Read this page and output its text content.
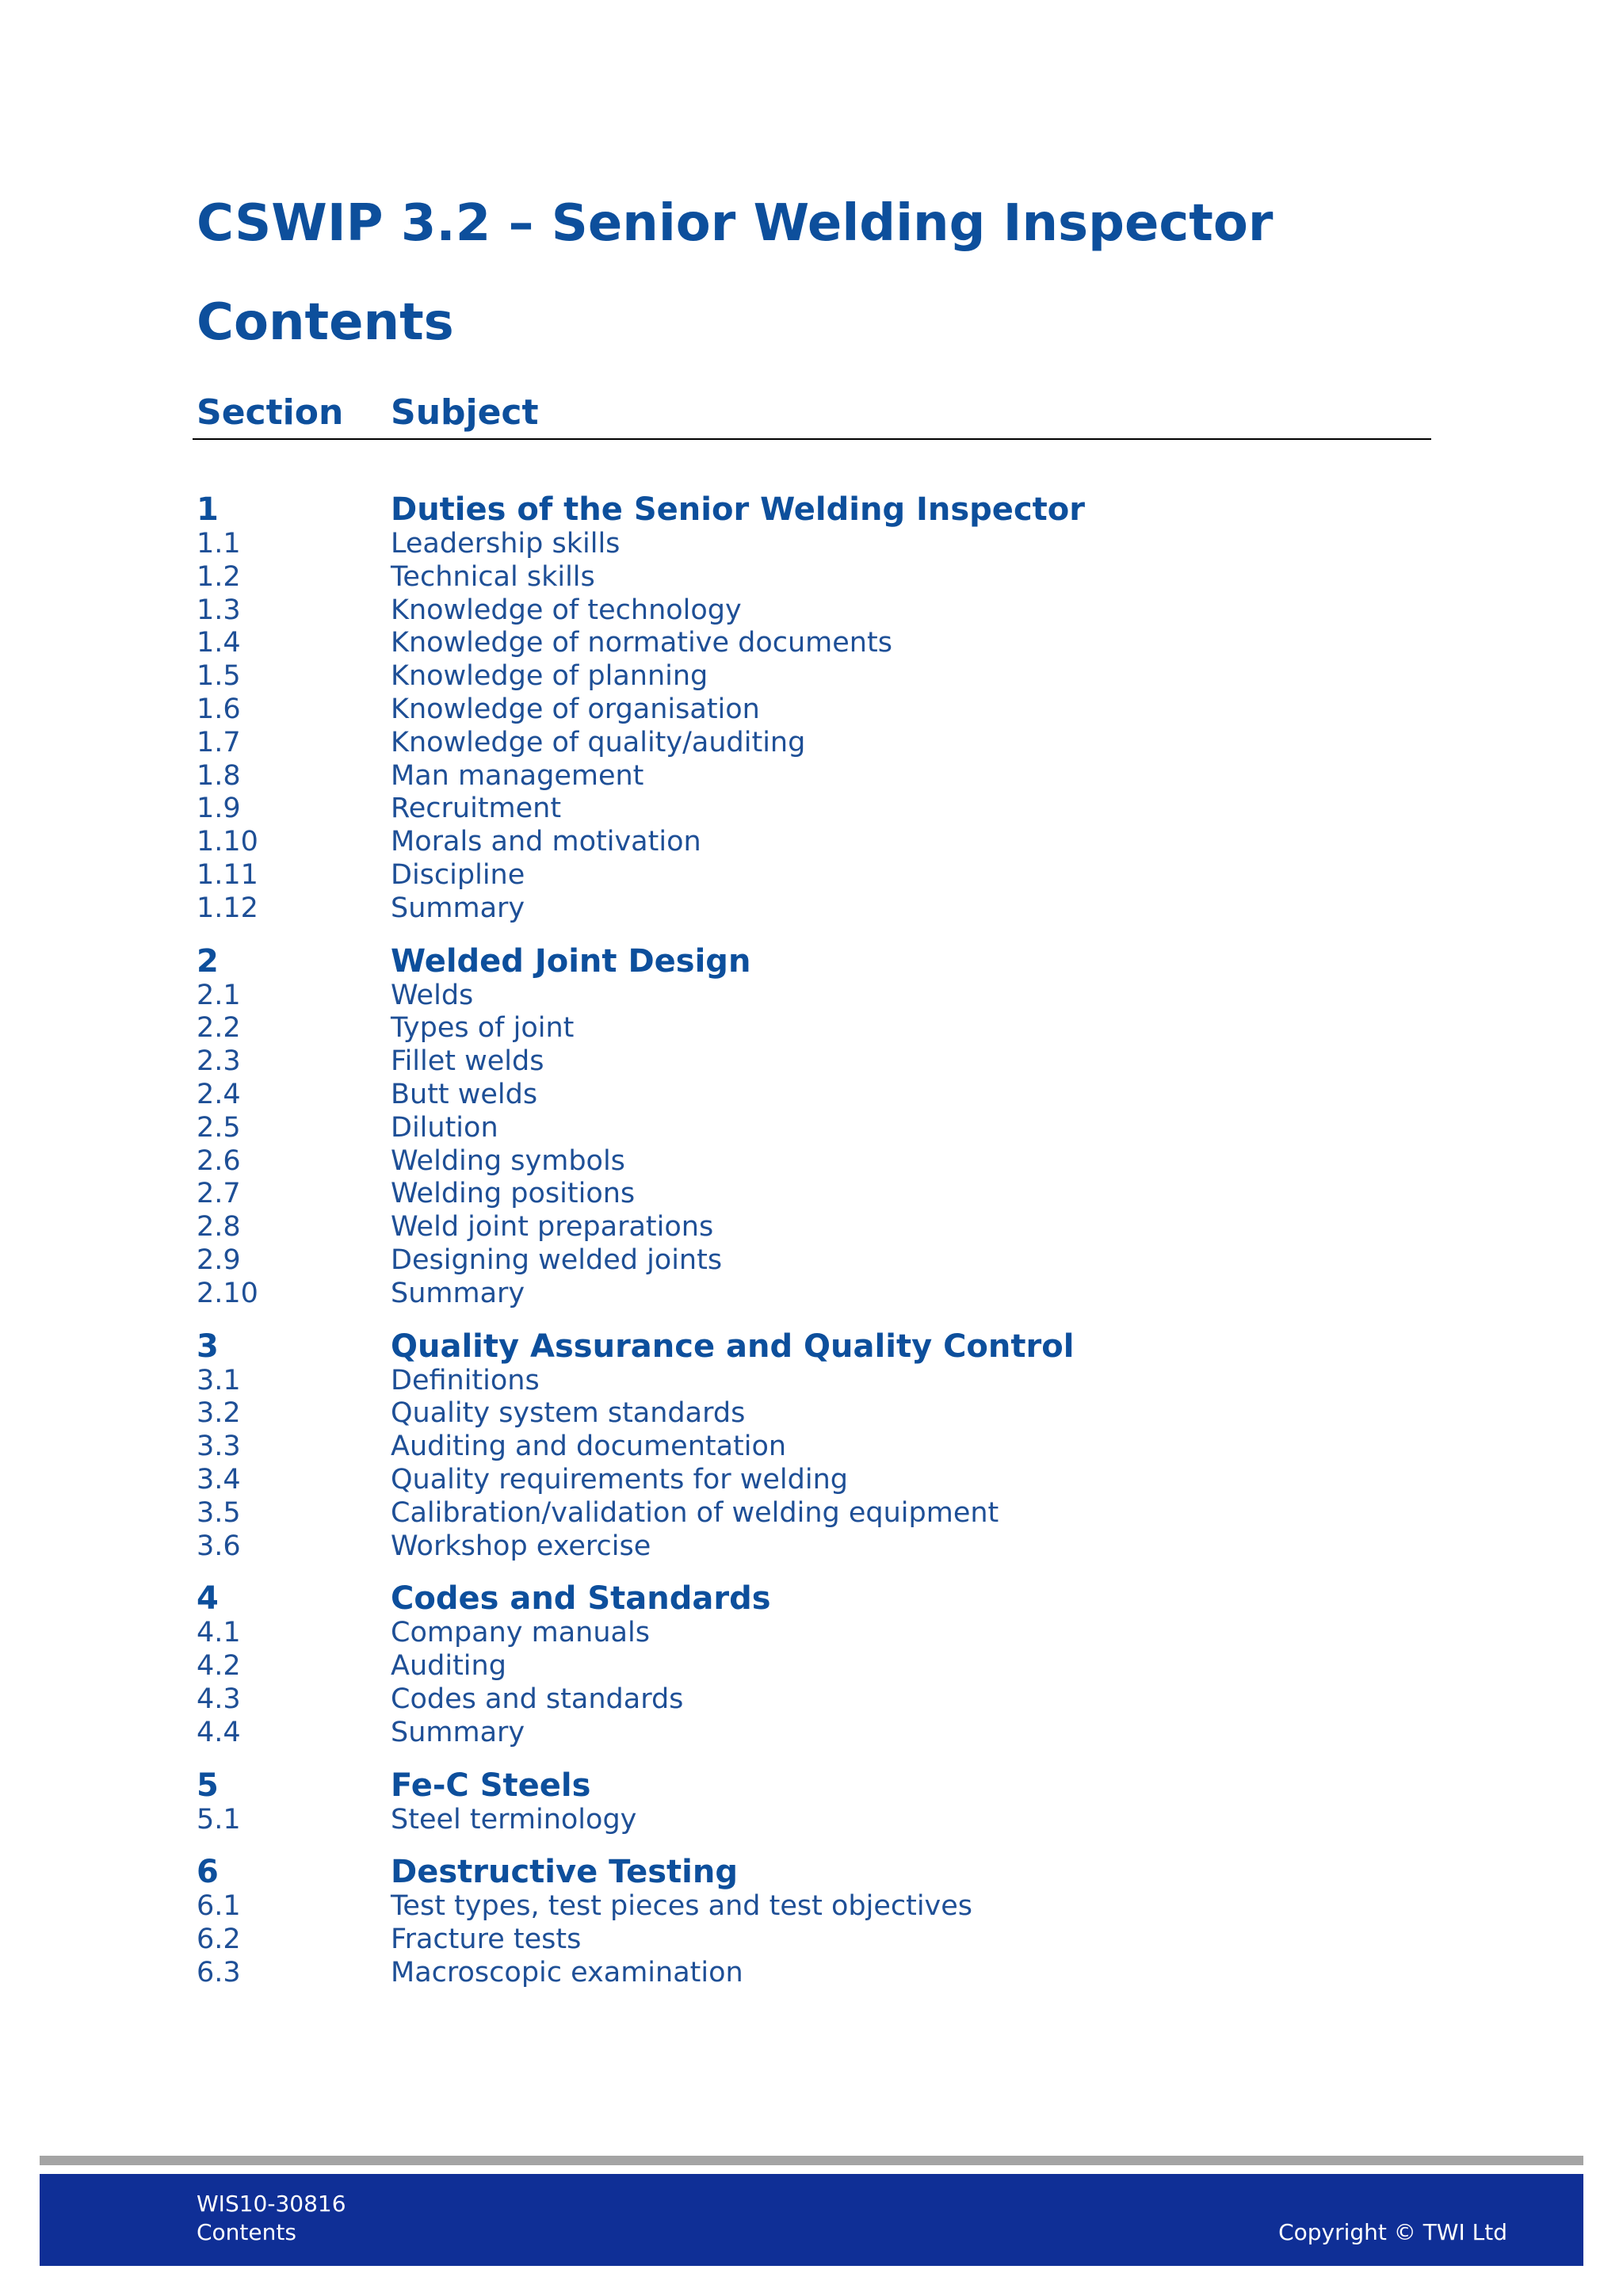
CSWIP 3.2 – Senior Welding Inspector
Contents
Section Subject
1	Duties of the Senior Welding Inspector
1.1	Leadership skills
1.2	Technical skills
1.3	Knowledge of technology
1.4	Knowledge of normative documents
1.5	Knowledge of planning
1.6	Knowledge of organisation
1.7	Knowledge of quality/auditing
1.8	Man management
1.9	Recruitment
1.10	Morals and motivation
1.11	Discipline
1.12	Summary
2	Welded Joint Design
2.1	Welds
2.2	Types of joint
2.3	Fillet welds
2.4	Butt welds
2.5	Dilution
2.6	Welding symbols
2.7	Welding positions
2.8	Weld joint preparations
2.9	Designing welded joints
2.10	Summary
3	Quality Assurance and Quality Control
3.1	Definitions
3.2	Quality system standards
3.3	Auditing and documentation
3.4	Quality requirements for welding
3.5	Calibration/validation of welding equipment
3.6	Workshop exercise
4	Codes and Standards
4.1	Company manuals
4.2	Auditing
4.3	Codes and standards
4.4	Summary
5	Fe-C Steels
5.1	Steel terminology
6	Destructive Testing
6.1	Test types, test pieces and test objectives
6.2	Fracture tests
6.3	Macroscopic examination
WIS10-30816
Contents	Copyright © TWI Ltd
